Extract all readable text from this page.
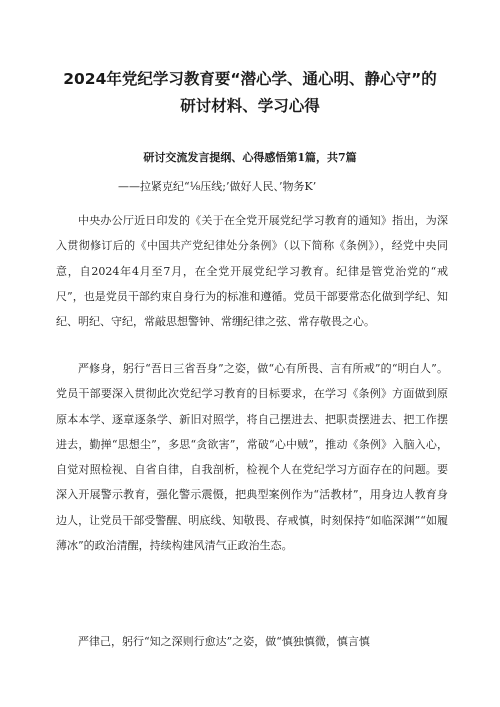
2024年党纪学习教育要“潜心学、通心明、静心守”的研讨材料、学习心得
研讨交流发言提纲、心得感悟第1篇，共7篇
——拉紧克纪“⅛压线;’做好人民、’物务K’

中央办公厅近日印发的《关于在全党开展党纪学习教育的通知》指出，为深入贯彻修订后的《中国共产党纪律处分条例》（以下简称《条例》），经党中央同意，自2024年4月至7月，在全党开展党纪学习教育。纪律是管党治党的“戒尺”，也是党员干部约束自身行为的标准和遵循。党员干部要常态化做到学纪、知纪、明纪、守纪，常敲思想警钟、常绷纪律之弦、常存敬畏之心。

严修身，躬行“吾日三省吾身”之姿，做“心有所畏、言有所戒”的“明白人”。党员干部要深入贯彻此次党纪学习教育的目标要求，在学习《条例》方面做到原原本本学、逐章逐条学、新旧对照学，将自己摆进去、把职责摆进去、把工作摆进去，勤掸“思想尘”，多思“贪欲害”，常破“心中贼”，推动《条例》入脑入心，自觉对照检视、自省自律，自我剖析，检视个人在党纪学习方面存在的问题。要深入开展警示教育，强化警示震慑，把典型案例作为“活教材”，用身边人教育身边人，让党员干部受警醒、明底线、知敬畏、存戒慎，时刻保持“如临深渊”“如履薄冰”的政治清醒，持续构建风清气正政治生态。

严律己，躬行“知之深则行愈达”之姿，做“慎独慎微，慎言慎
